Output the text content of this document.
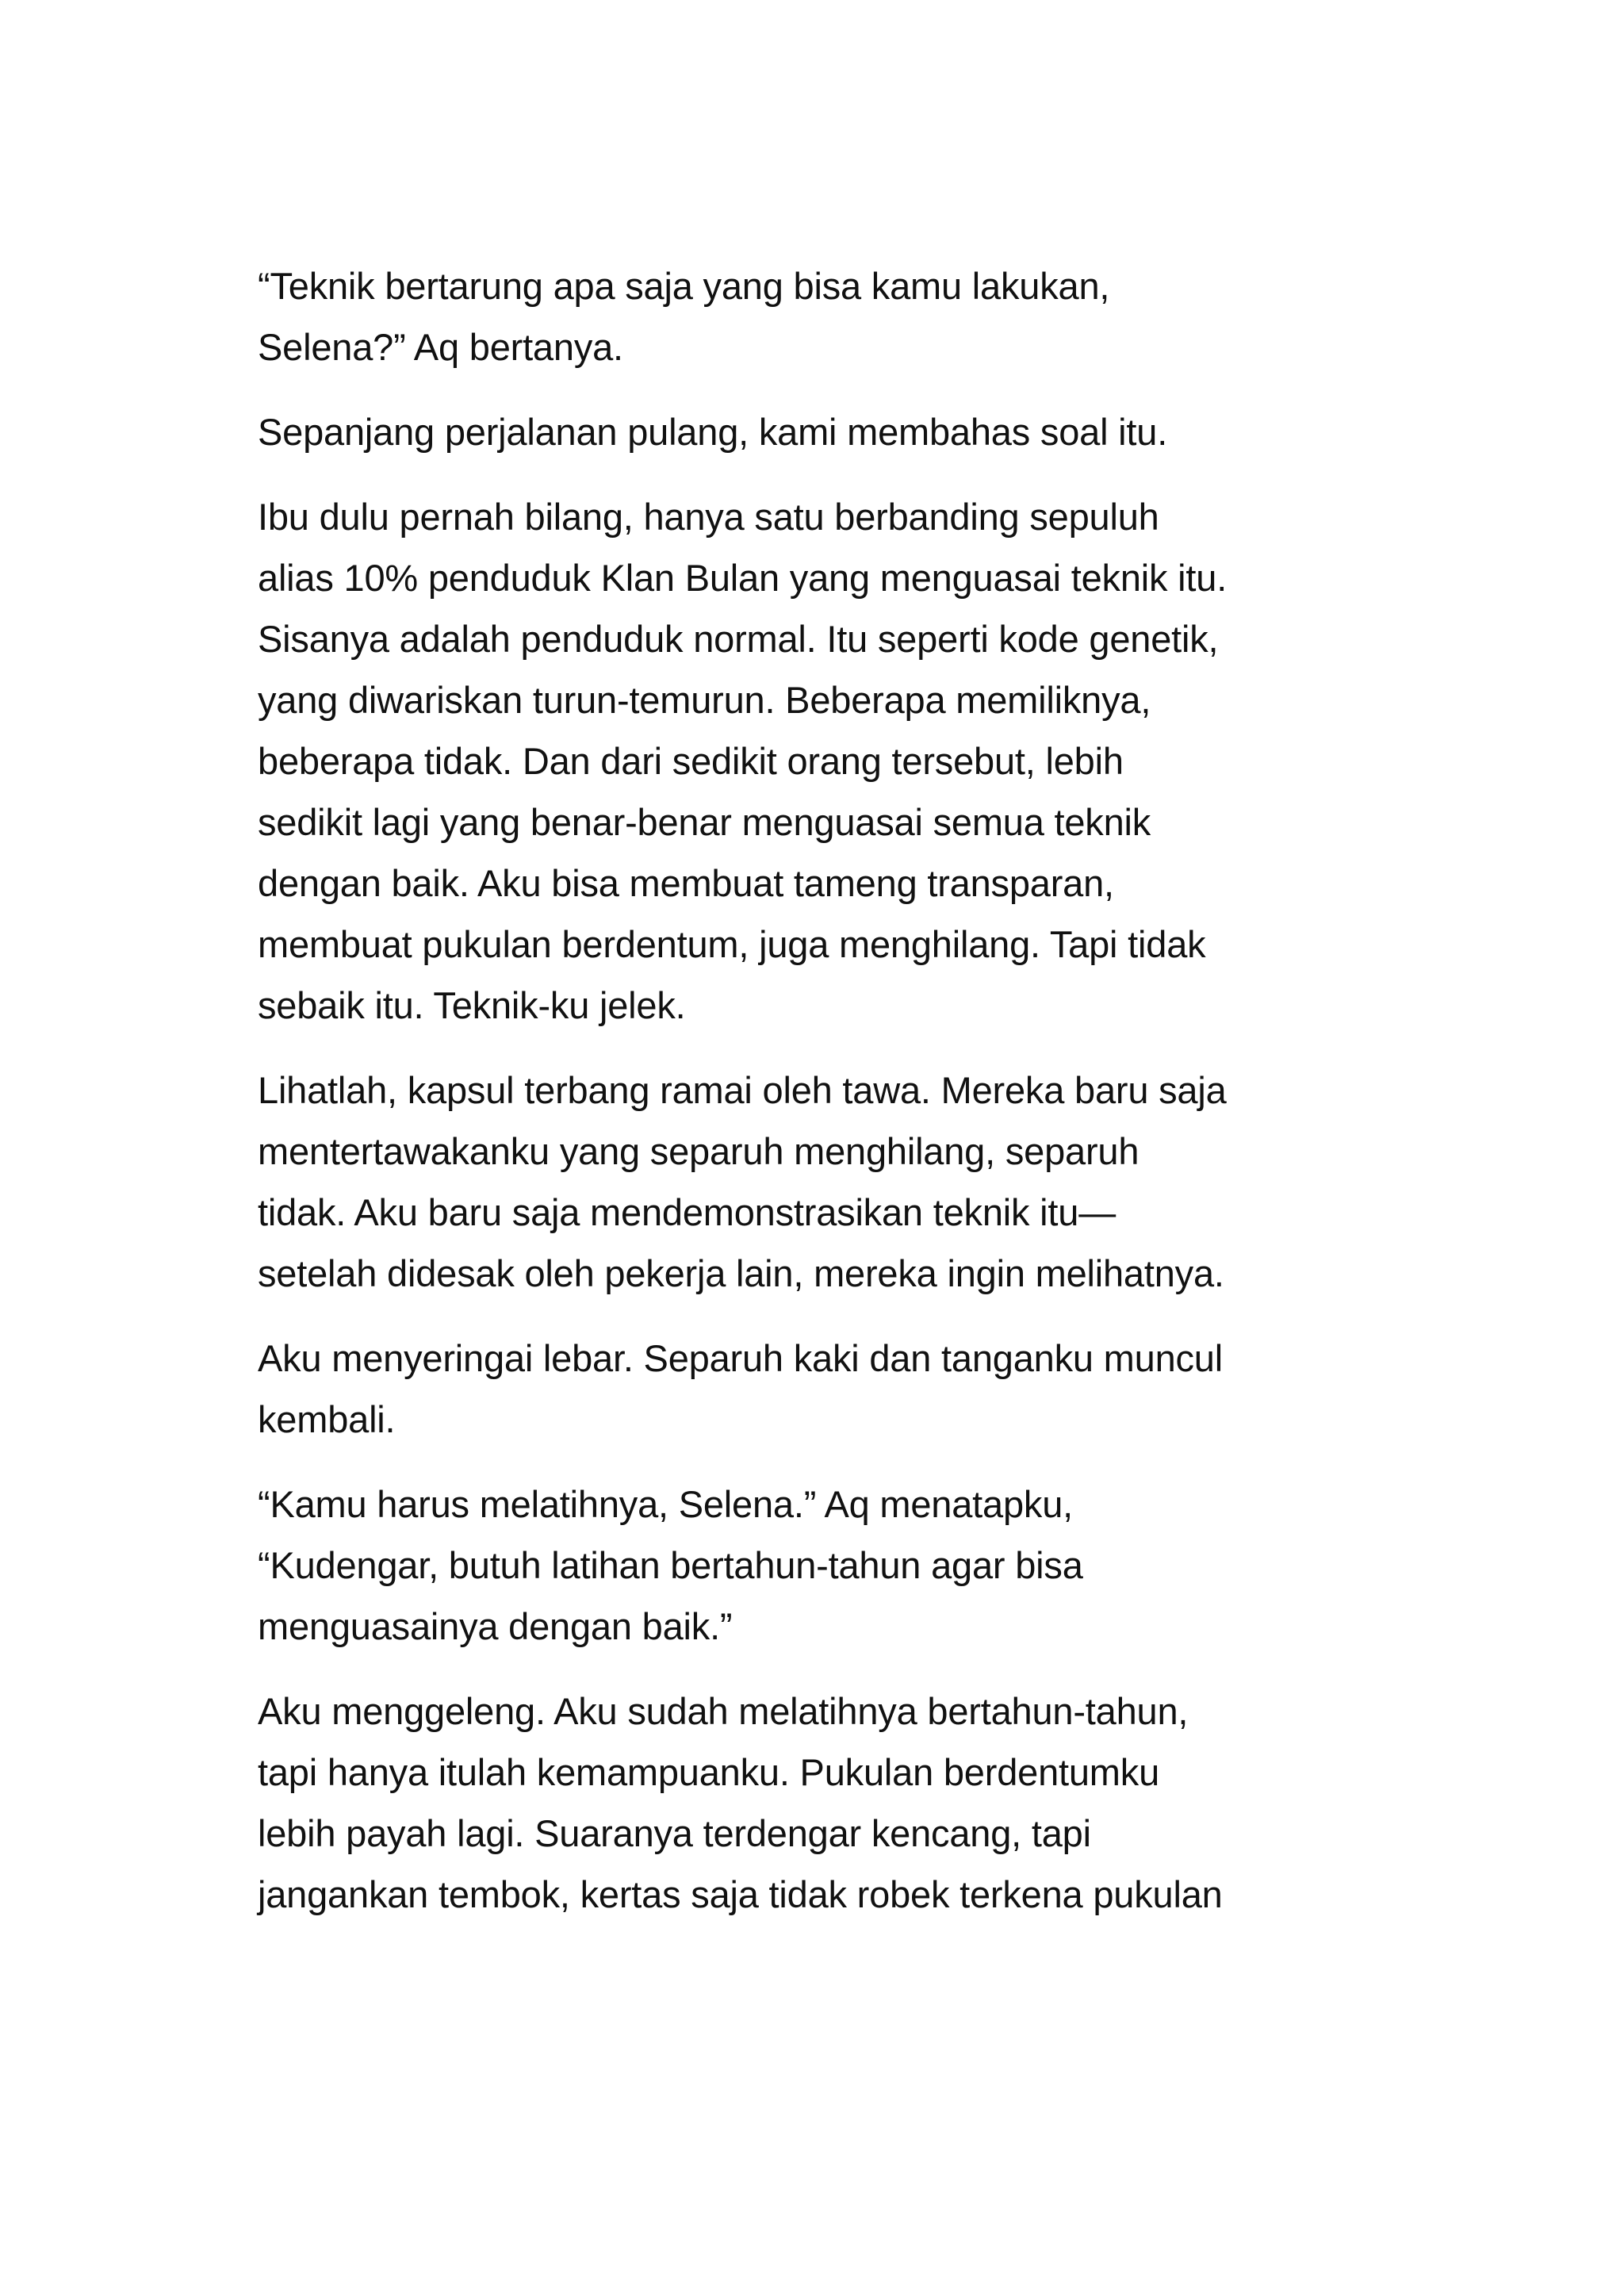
“Teknik bertarung apa saja yang bisa kamu lakukan,
Selena?” Aq bertanya.

Sepanjang perjalanan pulang, kami membahas soal itu.

Ibu dulu pernah bilang, hanya satu berbanding sepuluh
alias 10% penduduk Klan Bulan yang menguasai teknik itu.
Sisanya adalah penduduk normal. Itu seperti kode genetik,
yang diwariskan turun-temurun. Beberapa memiliknya,
beberapa tidak. Dan dari sedikit orang tersebut, lebih
sedikit lagi yang benar-benar menguasai semua teknik
dengan baik. Aku bisa membuat tameng transparan,
membuat pukulan berdentum, juga menghilang. Tapi tidak
sebaik itu. Teknik-ku jelek.

Lihatlah, kapsul terbang ramai oleh tawa. Mereka baru saja
mentertawakanku yang separuh menghilang, separuh
tidak. Aku baru saja mendemonstrasikan teknik itu—
setelah didesak oleh pekerja lain, mereka ingin melihatnya.

Aku menyeringai lebar. Separuh kaki dan tanganku muncul
kembali.

“Kamu harus melatihnya, Selena.” Aq menatapku,
“Kudengar, butuh latihan bertahun-tahun agar bisa
menguasainya dengan baik.”

Aku menggeleng. Aku sudah melatihnya bertahun-tahun,
tapi hanya itulah kemampuanku. Pukulan berdentumku
lebih payah lagi. Suaranya terdengar kencang, tapi
jangankan tembok, kertas saja tidak robek terkena pukulan
